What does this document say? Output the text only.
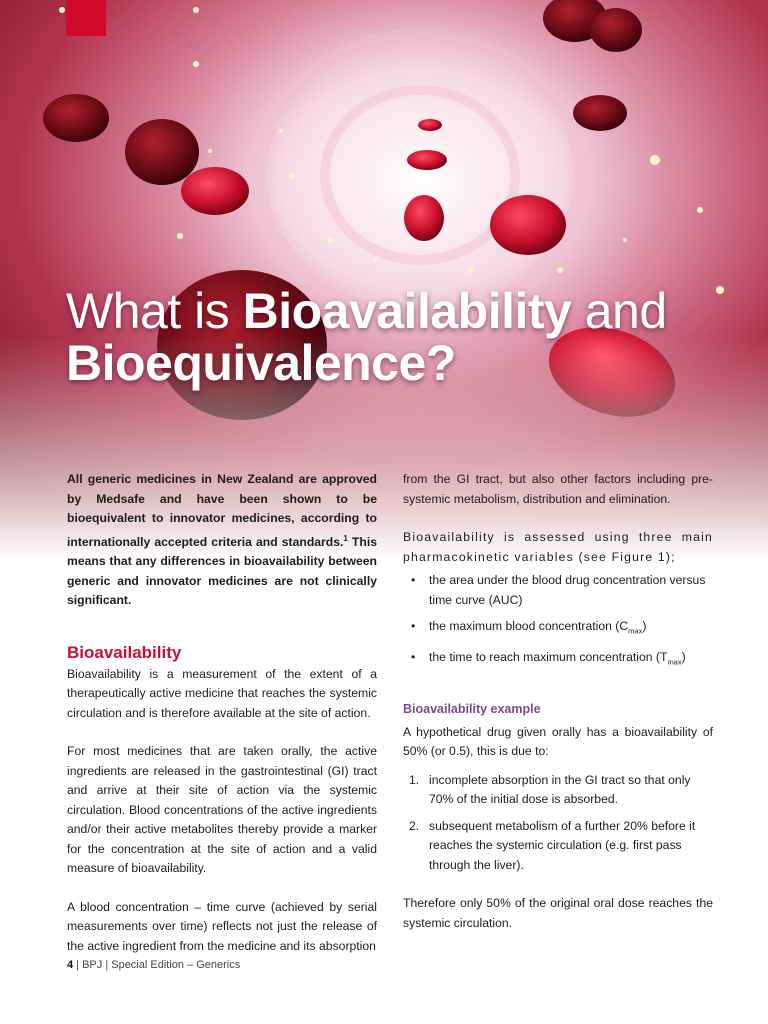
What is Bioavailability and
Bioequivalence?

All generic medicines in New Zealand are approved by Medsafe and have been shown to be bioequivalent to innovator medicines, according to internationally accepted criteria and standards.$^1$ This means that any differences in bioavailability between generic and innovator medicines are not clinically significant.

Bioavailability

Bioavailability is a measurement of the extent of a therapeutically active medicine that reaches the systemic circulation and is therefore available at the site of action.

For most medicines that are taken orally, the active ingredients are released in the gastrointestinal (GI) tract and arrive at their site of action via the systemic circulation. Blood concentrations of the active ingredients and/or their active metabolites thereby provide a marker for the concentration at the site of action and a valid measure of bioavailability.

A blood concentration – time curve (achieved by serial measurements over time) reflects not just the release of the active ingredient from the medicine and its absorption

from the GI tract, but also other factors including pre-systemic metabolism, distribution and elimination.

Bioavailability is assessed using three main pharmacokinetic variables (see Figure 1);

• the area under the blood drug concentration versus time curve (AUC)
• the maximum blood concentration $(C_{max})$
• the time to reach maximum concentration $(T_{max})$
Bioavailability example

A hypothetical drug given orally has a bioavailability of 50% (or 0.5), this is due to:

1. incomplete absorption in the GI tract so that only 70% of the initial dose is absorbed.
2. subsequent metabolism of a further 20% before it reaches the systemic circulation (e.g. first pass through the liver).

Therefore only 50% of the original oral dose reaches the systemic circulation.

4 | BPJ | Special Edition – Generics
